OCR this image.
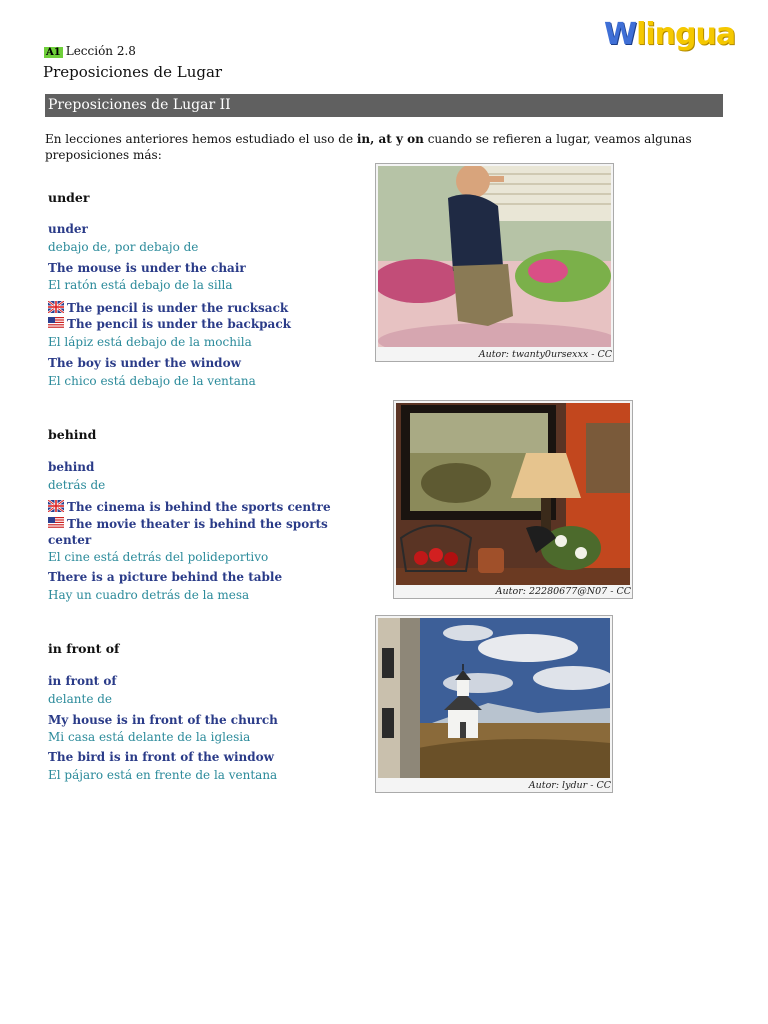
Wlingua
A1 Lección 2.8
Preposiciones de Lugar
Preposiciones de Lugar II
En lecciones anteriores hemos estudiado el uso de in, at y on cuando se refieren a lugar, veamos algunas preposiciones más:
under
under
debajo de, por debajo de
The mouse is under the chair
El ratón está debajo de la silla
The pencil is under the rucksack
The pencil is under the backpack
El lápiz está debajo de la mochila
The boy is under the window
El chico está debajo de la ventana
Autor: twanty0ursexxx - CC
behind
behind
detrás de
The cinema is behind the sports centre
The movie theater is behind the sports
center
El cine está detrás del polideportivo
There is a picture behind the table
Hay un cuadro detrás de la mesa	Autor: 22280677@N07 - CC
in front of
in front of
delante de
My house is in front of the church
Mi casa está delante de la iglesia
The bird is in front of the window
El pájaro está en frente de la ventana
Autor: lydur - CC
